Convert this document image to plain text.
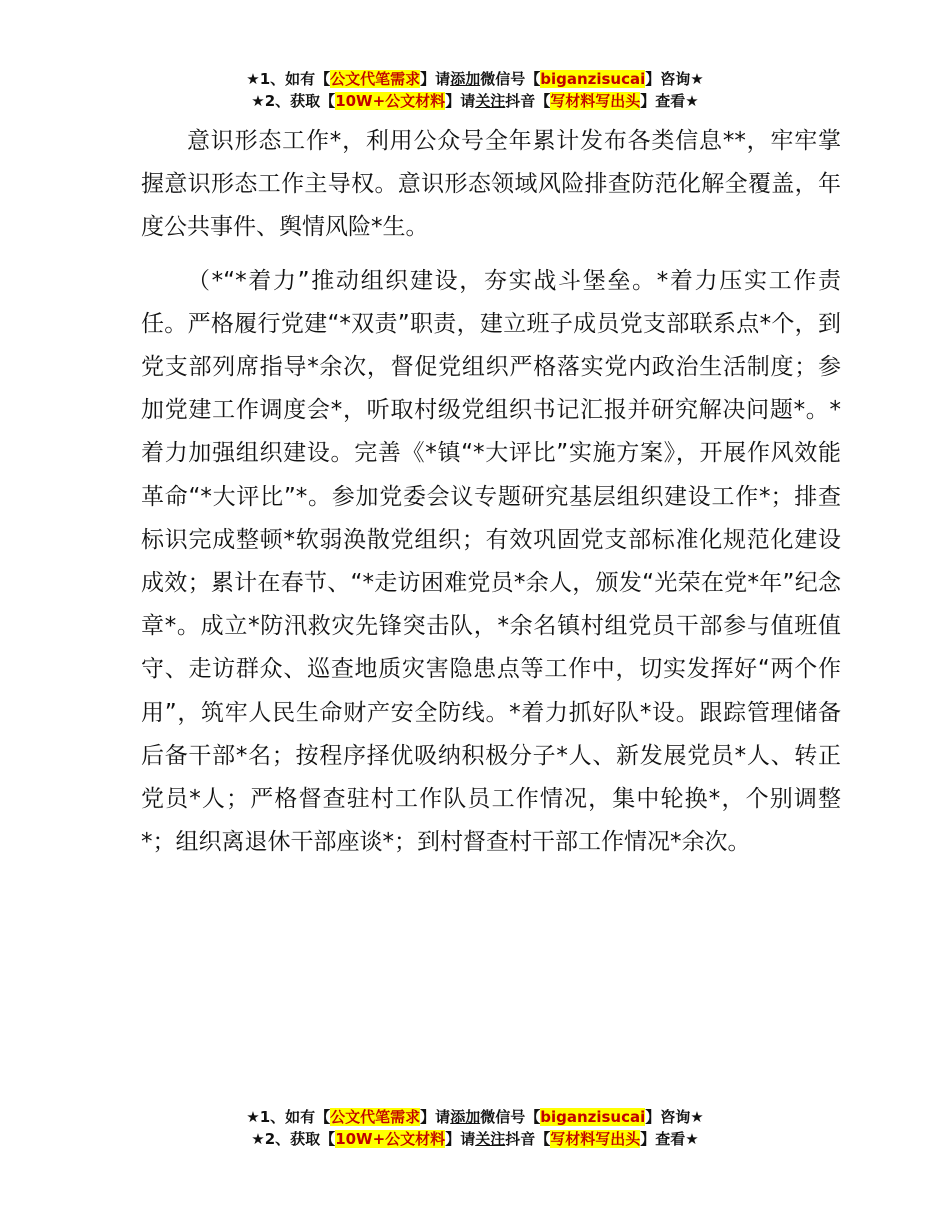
★1、如有【公文代笔需求】请添加微信号【biganzisucai】咨询★
★2、获取【10W+公文材料】请关注抖音【写材料写出头】查看★

意识形态工作*，利用公众号全年累计发布各类信息**，牢牢掌握意识形态工作主导权。意识形态领域风险排查防范化解全覆盖，年度公共事件、舆情风险*生。

（*“*着力”推动组织建设，夯实战斗堡垒。*着力压实工作责任。严格履行党建“*双责”职责，建立班子成员党支部联系点*个，到党支部列席指导*余次，督促党组织严格落实党内政治生活制度；参加党建工作调度会*，听取村级党组织书记汇报并研究解决问题*。*着力加强组织建设。完善《*镇“*大评比”实施方案》，开展作风效能革命“*大评比”*。参加党委会议专题研究基层组织建设工作*；排查标识完成整顿*软弱涣散党组织；有效巩固党支部标准化规范化建设成效；累计在春节、“*走访困难党员*余人，颁发“光荣在党*年”纪念章*。成立*防汛救灾先锋突击队，*余名镇村组党员干部参与值班值守、走访群众、巡查地质灾害隐患点等工作中，切实发挥好“两个作用”，筑牢人民生命财产安全防线。*着力抓好队*设。跟踪管理储备后备干部*名；按程序择优吸纳积极分子*人、新发展党员*人、转正党员*人；严格督查驻村工作队员工作情况，集中轮换*，个别调整*；组织离退休干部座谈*；到村督查村干部工作情况*余次。

★1、如有【公文代笔需求】请添加微信号【biganzisucai】咨询★
★2、获取【10W+公文材料】请关注抖音【写材料写出头】查看★
